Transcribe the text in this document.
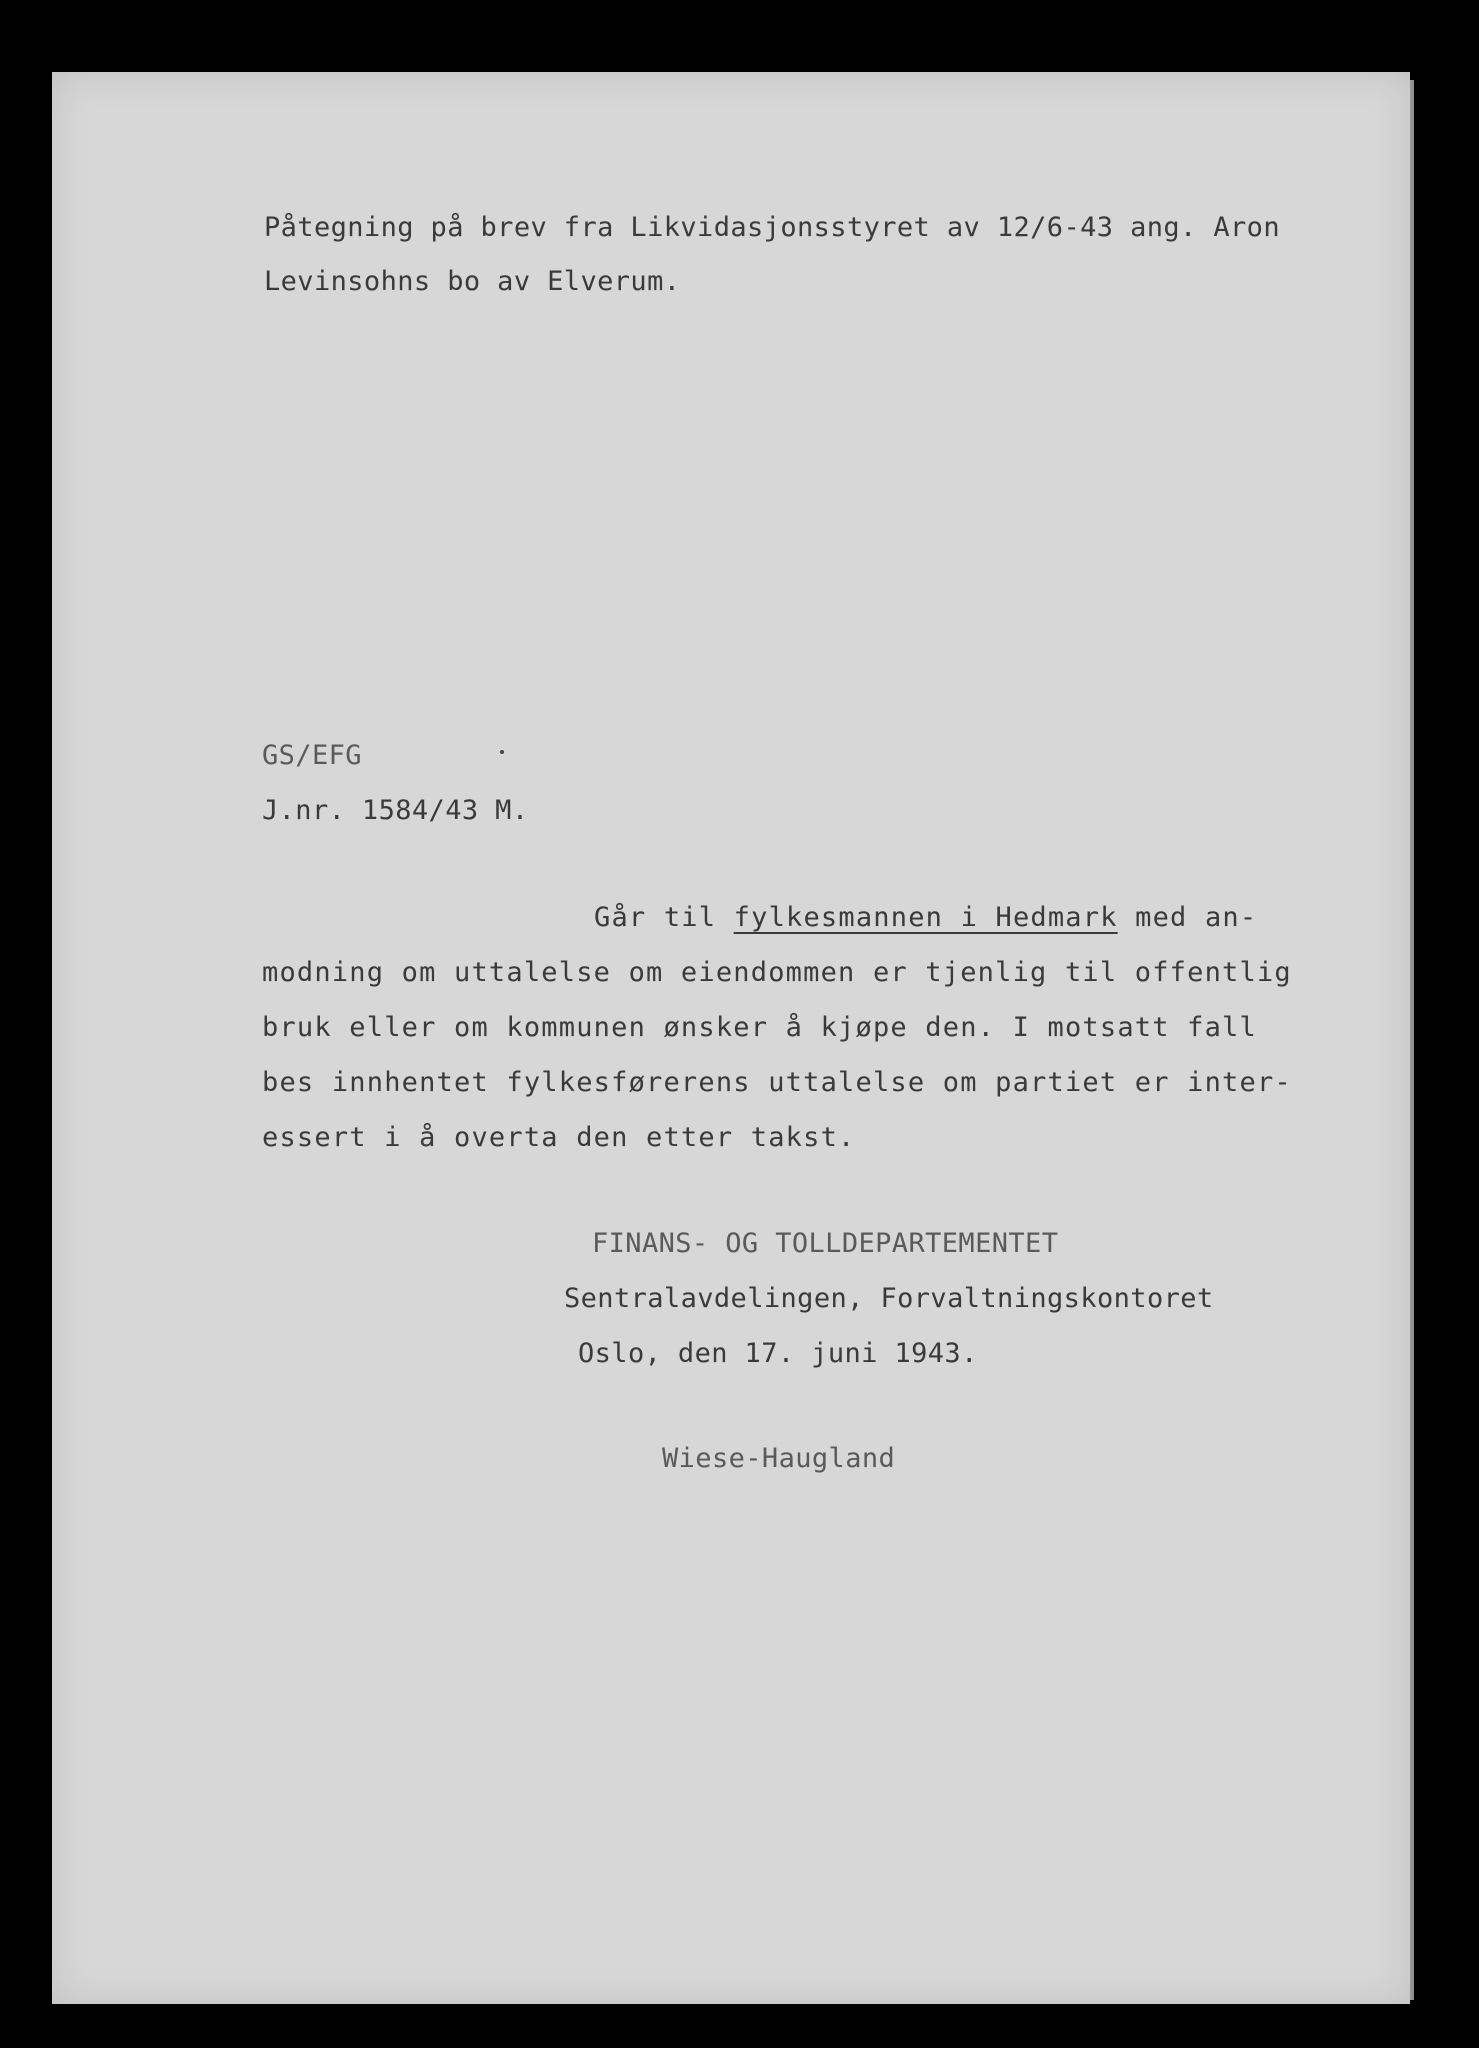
Påtegning på brev fra Likvidasjonsstyret av 12/6-43 ang. Aron

Levinsohns bo av Elverum.

GS/EFG

J.nr. 1584/43 M.

Går til fylkesmannen i Hedmark med an-
modning om uttalelse om eiendommen er tjenlig til offentlig
bruk eller om kommunen ønsker å kjøpe den. I motsatt fall
bes innhentet fylkesførerens uttalelse om partiet er inter-
essert i å overta den etter takst.

FINANS- OG TOLLDEPARTEMENTET

Sentralavdelingen, Forvaltningskontoret

Oslo, den 17. juni 1943.

Wiese-Haugland
